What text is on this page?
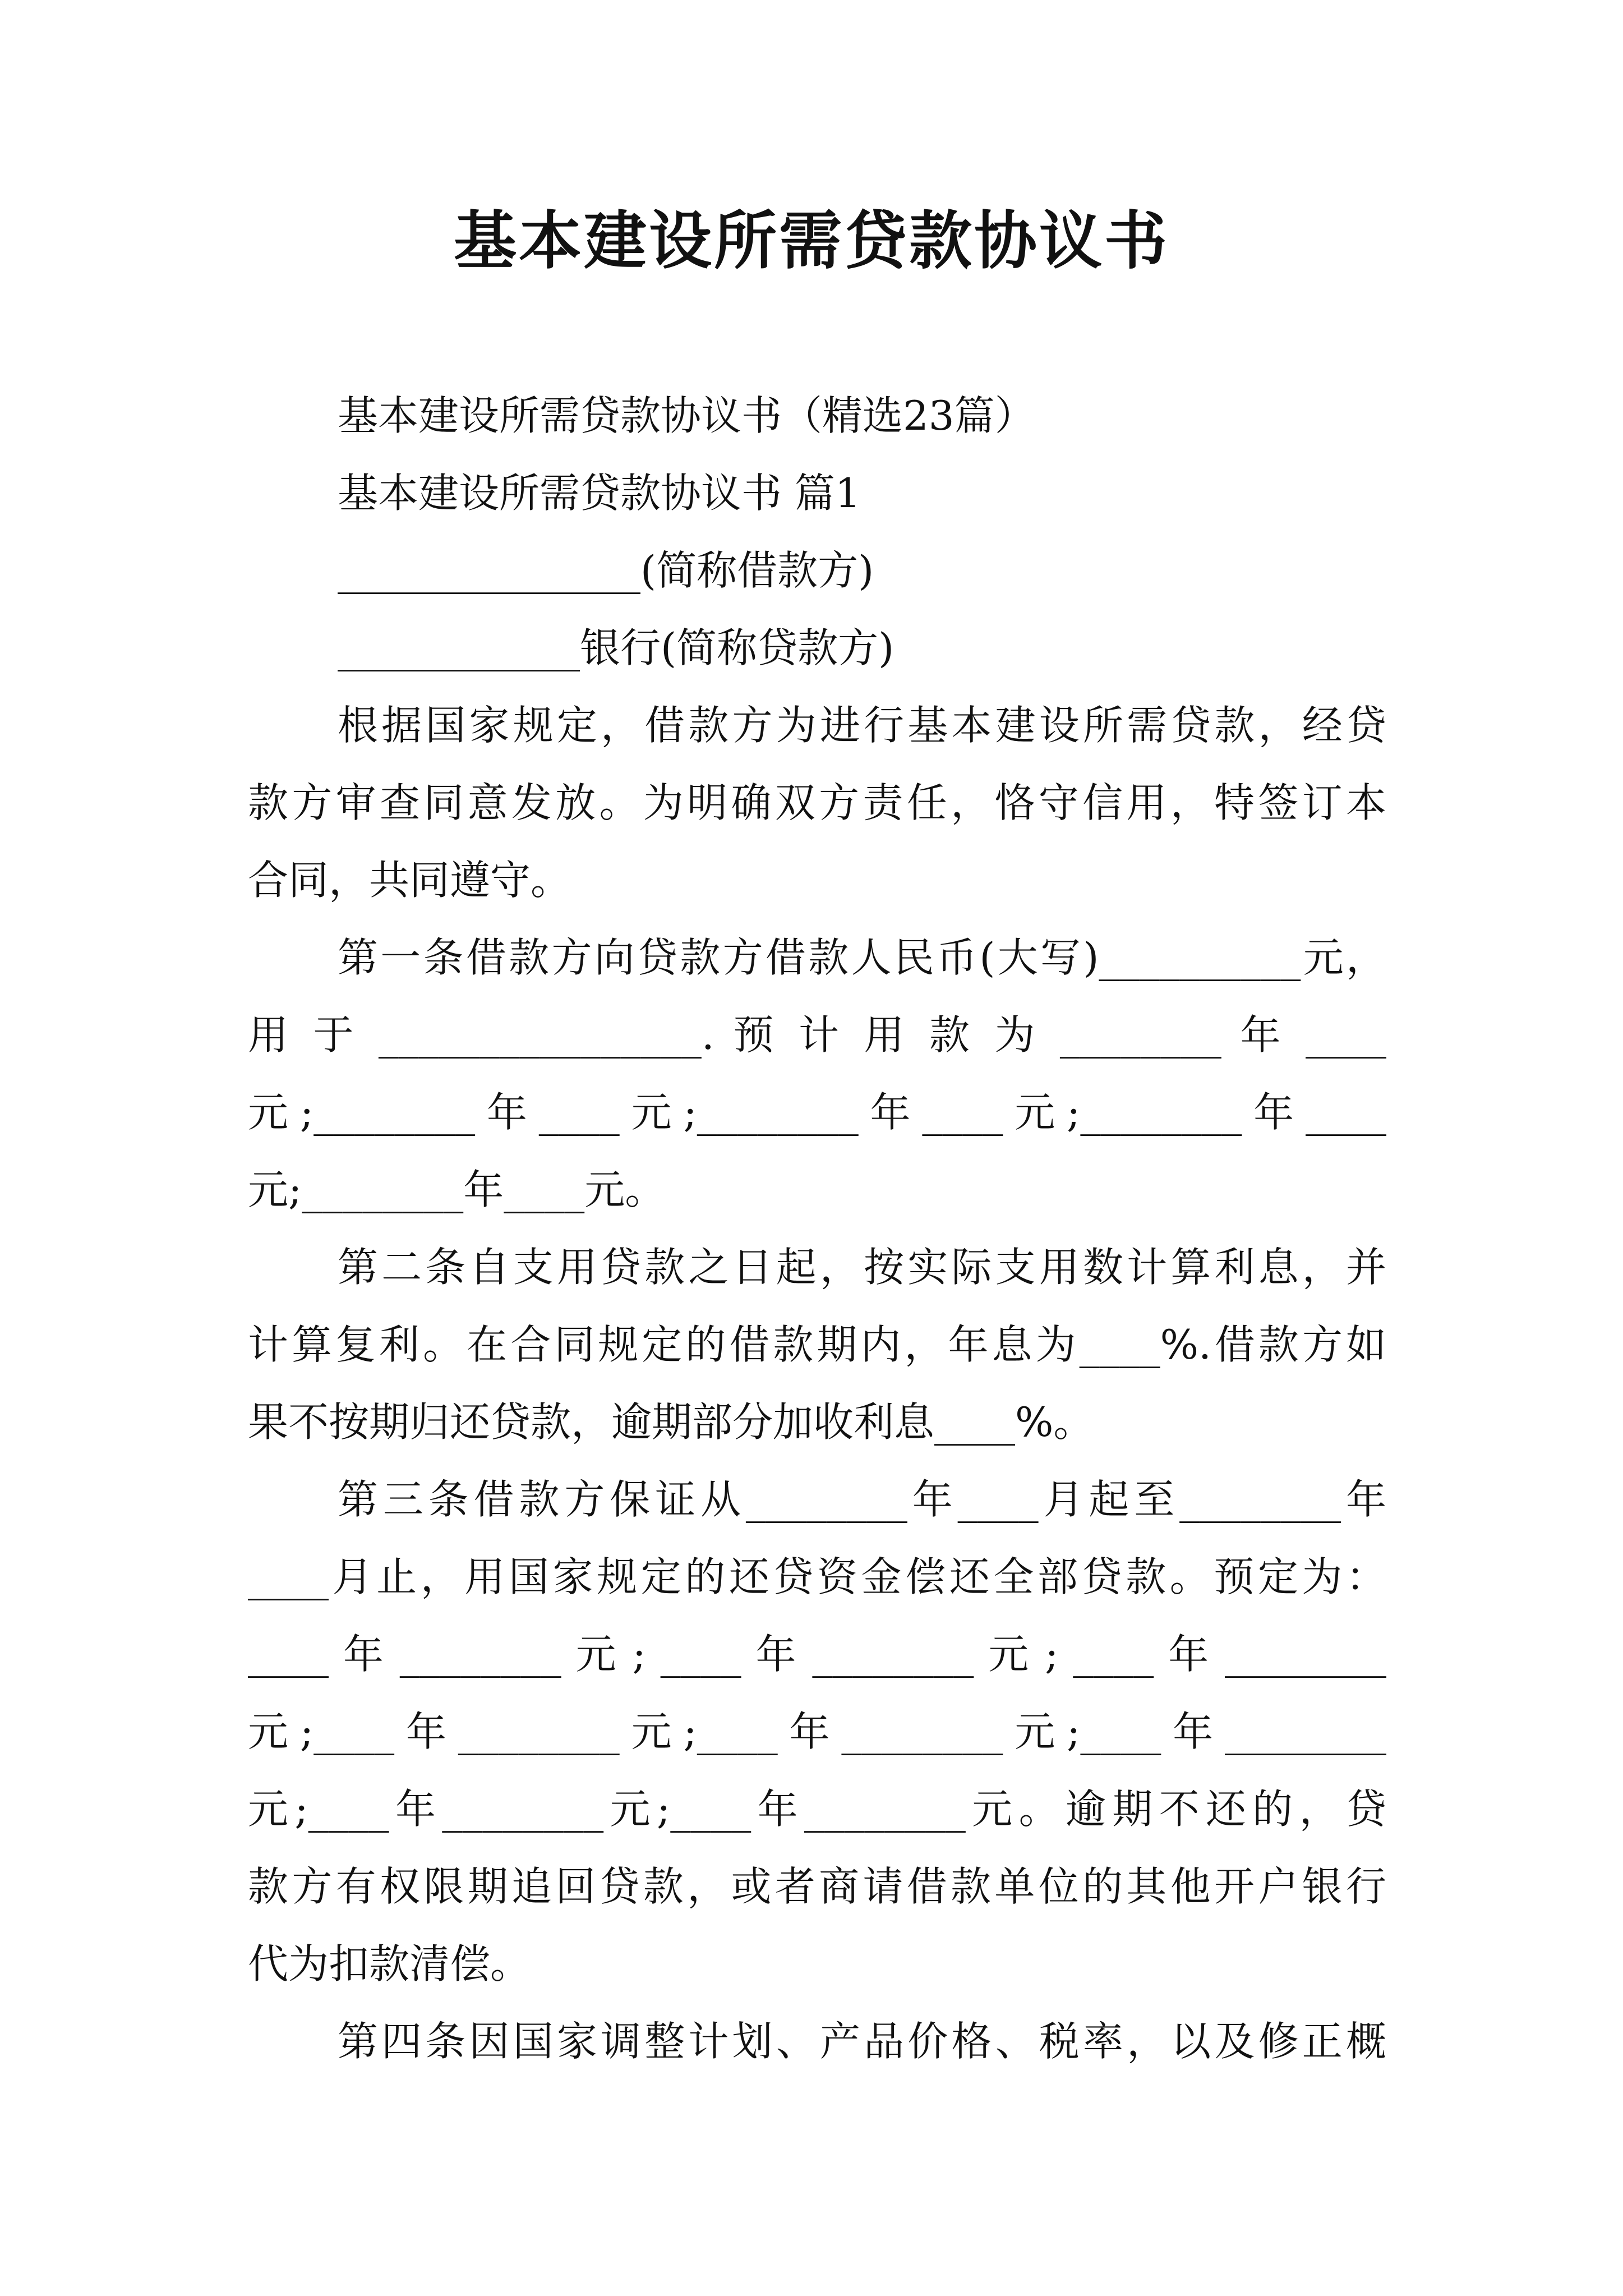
基本建设所需贷款协议书
基本建设所需贷款协议书（精选23篇）
基本建设所需贷款协议书 篇1
_______________(简称借款方)
____________银行(简称贷款方)
根据国家规定，借款方为进行基本建设所需贷款，经贷
款方审查同意发放。为明确双方责任，恪守信用，特签订本
合同，共同遵守。
第一条借款方向贷款方借款人民币(大写)__________元，
用 于 ________________. 预 计 用 款 为 ________ 年 ____
元;________年____元;________年____元;________年____
元;________年____元。
第二条自支用贷款之日起，按实际支用数计算利息，并
计算复利。在合同规定的借款期内，年息为____%.借款方如
果不按期归还贷款，逾期部分加收利息____%。
第三条借款方保证从________年____月起至________年
____月止，用国家规定的还贷资金偿还全部贷款。预定为：
____ 年 ________ 元 ; ____ 年 ________ 元 ; ____ 年 ________
元;____年________元;____年________元;____年________
元;____年________元;____年________元。逾期不还的，贷
款方有权限期追回贷款，或者商请借款单位的其他开户银行
代为扣款清偿。
第四条因国家调整计划、产品价格、税率，以及修正概
